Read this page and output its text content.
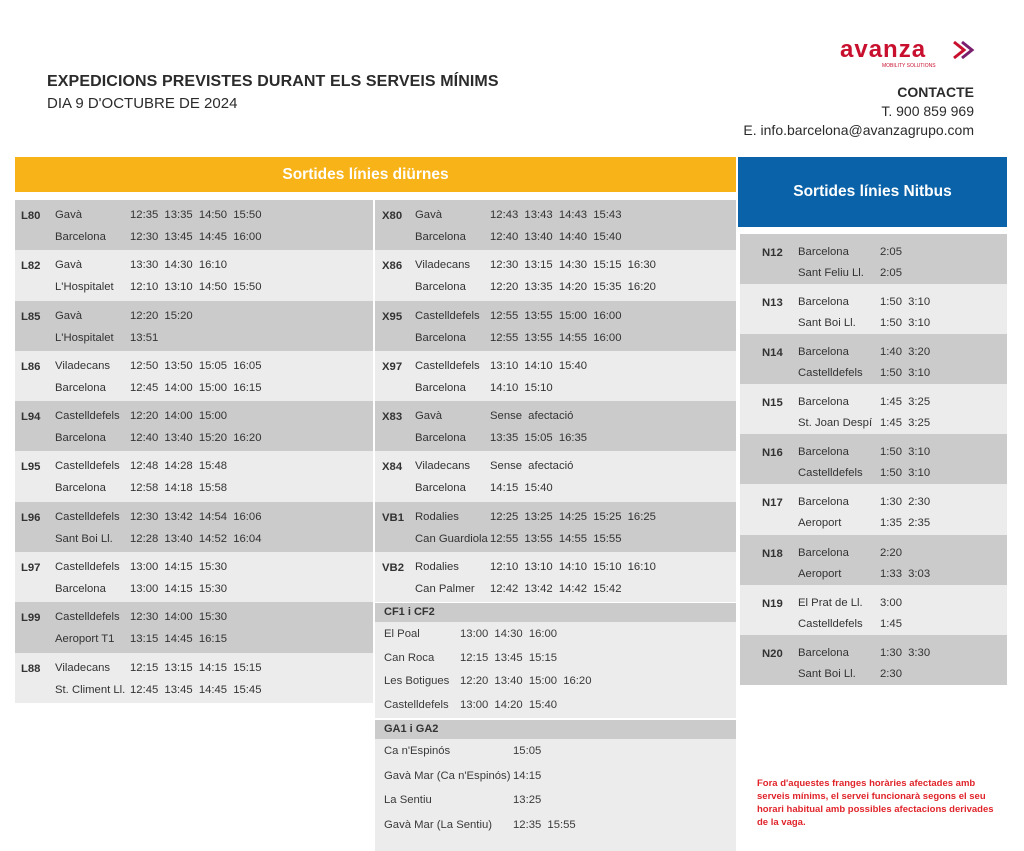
avanza
MOBILITY SOLUTIONS
EXPEDICIONS PREVISTES DURANT ELS SERVEIS MÍNIMS
DIA 9 D'OCTUBRE DE 2024
CONTACTE
T. 900 859 969
E. info.barcelona@avanzagrupo.com
Sortides línies diürnes
Sortides línies Nitbus
L80 Gavà	12:35 13:35 14:50 15:50
Barcelona 12:30 13:45 14:45 16:00
L82 Gavà	13:30 14:30 16:10
L'Hospitalet 12:10 13:10 14:50 15:50
L85 Gavà	12:20 15:20
L'Hospitalet 13:51
L86 Viladecans 12:50 13:50 15:05 16:05
Barcelona 12:45 14:00 15:00 16:15
L94 Castelldefels 12:20 14:00 15:00
Barcelona 12:40 13:40 15:20 16:20
L95 Castelldefels 12:48 14:28 15:48
Barcelona 12:58 14:18 15:58
L96 Castelldefels 12:30 13:42 14:54 16:06
Sant Boi Ll. 12:28 13:40 14:52 16:04
L97 Castelldefels 13:00 14:15 15:30
Barcelona 13:00 14:15 15:30
L99 Castelldefels 12:30 14:00 15:30
Aeroport T1 13:15 14:45 16:15
L88 Viladecans 12:15 13:15 14:15 15:15
St. Climent Ll. 12:45 13:45 14:45 15:45
X80 Gavà	12:43 13:43 14:43 15:43
Barcelona 12:40 13:40 14:40 15:40
X86 Viladecans 12:30 13:15 14:30 15:15 16:30
Barcelona 12:20 13:35 14:20 15:35 16:20
X95 Castelldefels 12:55 13:55 15:00 16:00
Barcelona 12:55 13:55 14:55 16:00
X97 Castelldefels 13:10 14:10 15:40
Barcelona 14:10 15:10
X83 Gavà	Sense afectació
Barcelona 13:35 15:05 16:35
X84 Viladecans Sense afectació
Barcelona 14:15 15:40
VB1 Rodalies	12:25 13:25 14:25 15:25 16:25
Can Guardiola 12:55 13:55 14:55 15:55
VB2 Rodalies	12:10 13:10 14:10 15:10 16:10
Can Palmer 12:42 13:42 14:42 15:42
CF1 i CF2
El Poal	13:00 14:30 16:00
Can Roca 12:15 13:45 15:15
Les Botigues 12:20 13:40 15:00 16:20
Castelldefels 13:00 14:20 15:40
GA1 i GA2
Ca n'Espinós	15:05
Gavà Mar (Ca n'Espinós) 14:15
La Sentiu	13:25
Gavà Mar (La Sentiu) 12:35 15:55
N12 Barcelona	2:05
Sant Feliu Ll. 2:05
N13 Barcelona	1:50 3:10
Sant Boi Ll. 1:50 3:10
N14 Barcelona	1:40 3:20
Castelldefels 1:50 3:10
N15 Barcelona	1:45 3:25
St. Joan Despí 1:45 3:25
N16 Barcelona	1:50 3:10
Castelldefels 1:50 3:10
N17 Barcelona	1:30 2:30
Aeroport	1:35 2:35
N18 Barcelona	2:20
Aeroport	1:33 3:03
N19 El Prat de Ll. 3:00
Castelldefels 1:45
N20 Barcelona	1:30 3:30
Sant Boi Ll. 2:30
Fora d'aquestes franges horàries afectades amb serveis mínims, el servei funcionarà segons el seu horari habitual amb possibles afectacions derivades de la vaga.
